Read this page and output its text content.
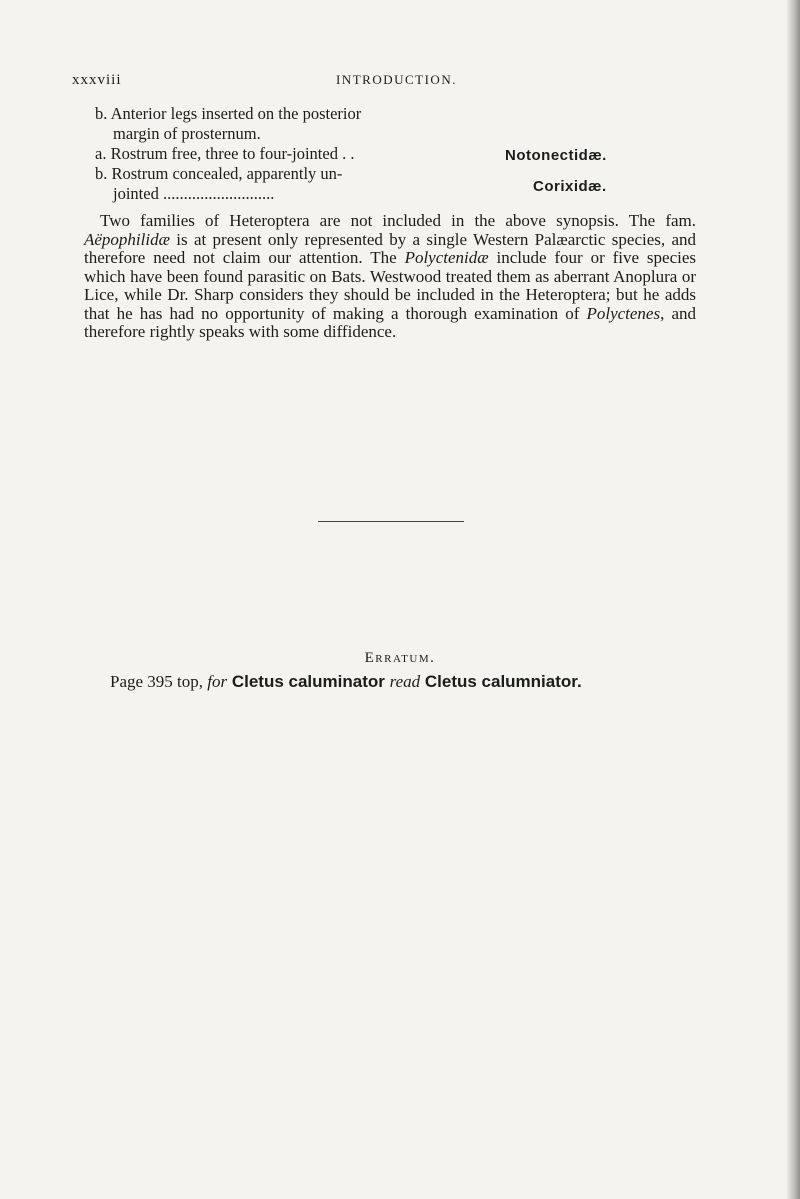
xxxviii	INTRODUCTION.
b. Anterior legs inserted on the posterior
margin of prosternum.
a. Rostrum free, three to four-jointed . .	Notonectidæ.
b. Rostrum concealed, apparently un-
jointed ...........................	Corixidæ.

Two families of Heteroptera are not included in the above synopsis. The fam. Aëpophilidæ is at present only represented by a single Western Palæarctic species, and therefore need not claim our attention. The Polyctenidæ include four or five species which have been found parasitic on Bats. Westwood treated them as aberrant Anoplura or Lice, while Dr. Sharp considers they should be included in the Heteroptera; but he adds that he has had no opportunity of making a thorough examination of Polyctenes, and therefore rightly speaks with some diffidence.

Erratum.
Page 395 top, for Cletus caluminator read Cletus calumniator.
